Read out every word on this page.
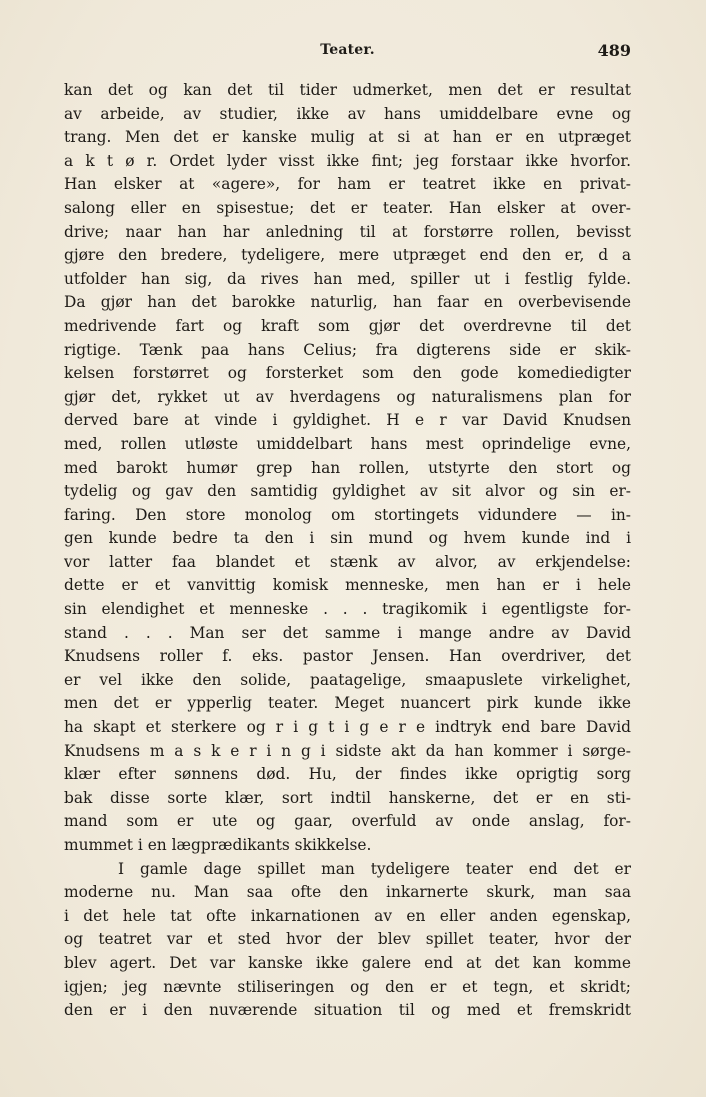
Teater.	489
kan det og kan det til tider udmerket, men det er resultat
av arbeide, av studier, ikke av hans umiddelbare evne og
trang. Men det er kanske mulig at si at han er en utpræget
a k t ø r. Ordet lyder visst ikke fint; jeg forstaar ikke hvorfor.
Han elsker at «agere», for ham er teatret ikke en privat-
salong eller en spisestue; det er teater. Han elsker at over-
drive; naar han har anledning til at forstørre rollen, bevisst
gjøre den bredere, tydeligere, mere utpræget end den er, d a
utfolder han sig, da rives han med, spiller ut i festlig fylde.
Da gjør han det barokke naturlig, han faar en overbevisende
medrivende fart og kraft som gjør det overdrevne til det
rigtige. Tænk paa hans Celius; fra digterens side er skik-
kelsen forstørret og forsterket som den gode komediedigter
gjør det, rykket ut av hverdagens og naturalismens plan for
derved bare at vinde i gyldighet. H e r var David Knudsen
med, rollen utløste umiddelbart hans mest oprindelige evne,
med barokt humør grep han rollen, utstyrte den stort og
tydelig og gav den samtidig gyldighet av sit alvor og sin er-
faring. Den store monolog om stortingets vidundere — in-
gen kunde bedre ta den i sin mund og hvem kunde ind i
vor latter faa blandet et stænk av alvor, av erkjendelse:
dette er et vanvittig komisk menneske, men han er i hele
sin elendighet et menneske . . . tragikomik i egentligste for-
stand . . . Man ser det samme i mange andre av David
Knudsens roller f. eks. pastor Jensen. Han overdriver, det
er vel ikke den solide, paatagelige, smaapuslete virkelighet,
men det er ypperlig teater. Meget nuancert pirk kunde ikke
ha skapt et sterkere og r i g t i g e r e indtryk end bare David
Knudsens m a s k e r i n g i sidste akt da han kommer i sørge-
klær efter sønnens død. Hu, der findes ikke oprigtig sorg
bak disse sorte klær, sort indtil hanskerne, det er en sti-
mand som er ute og gaar, overfuld av onde anslag, for-
mummet i en lægprædikants skikkelse.
I gamle dage spillet man tydeligere teater end det er
moderne nu. Man saa ofte den inkarnerte skurk, man saa
i det hele tat ofte inkarnationen av en eller anden egenskap,
og teatret var et sted hvor der blev spillet teater, hvor der
blev agert. Det var kanske ikke galere end at det kan komme
igjen; jeg nævnte stiliseringen og den er et tegn, et skridt;
den er i den nuværende situation til og med et fremskridt
